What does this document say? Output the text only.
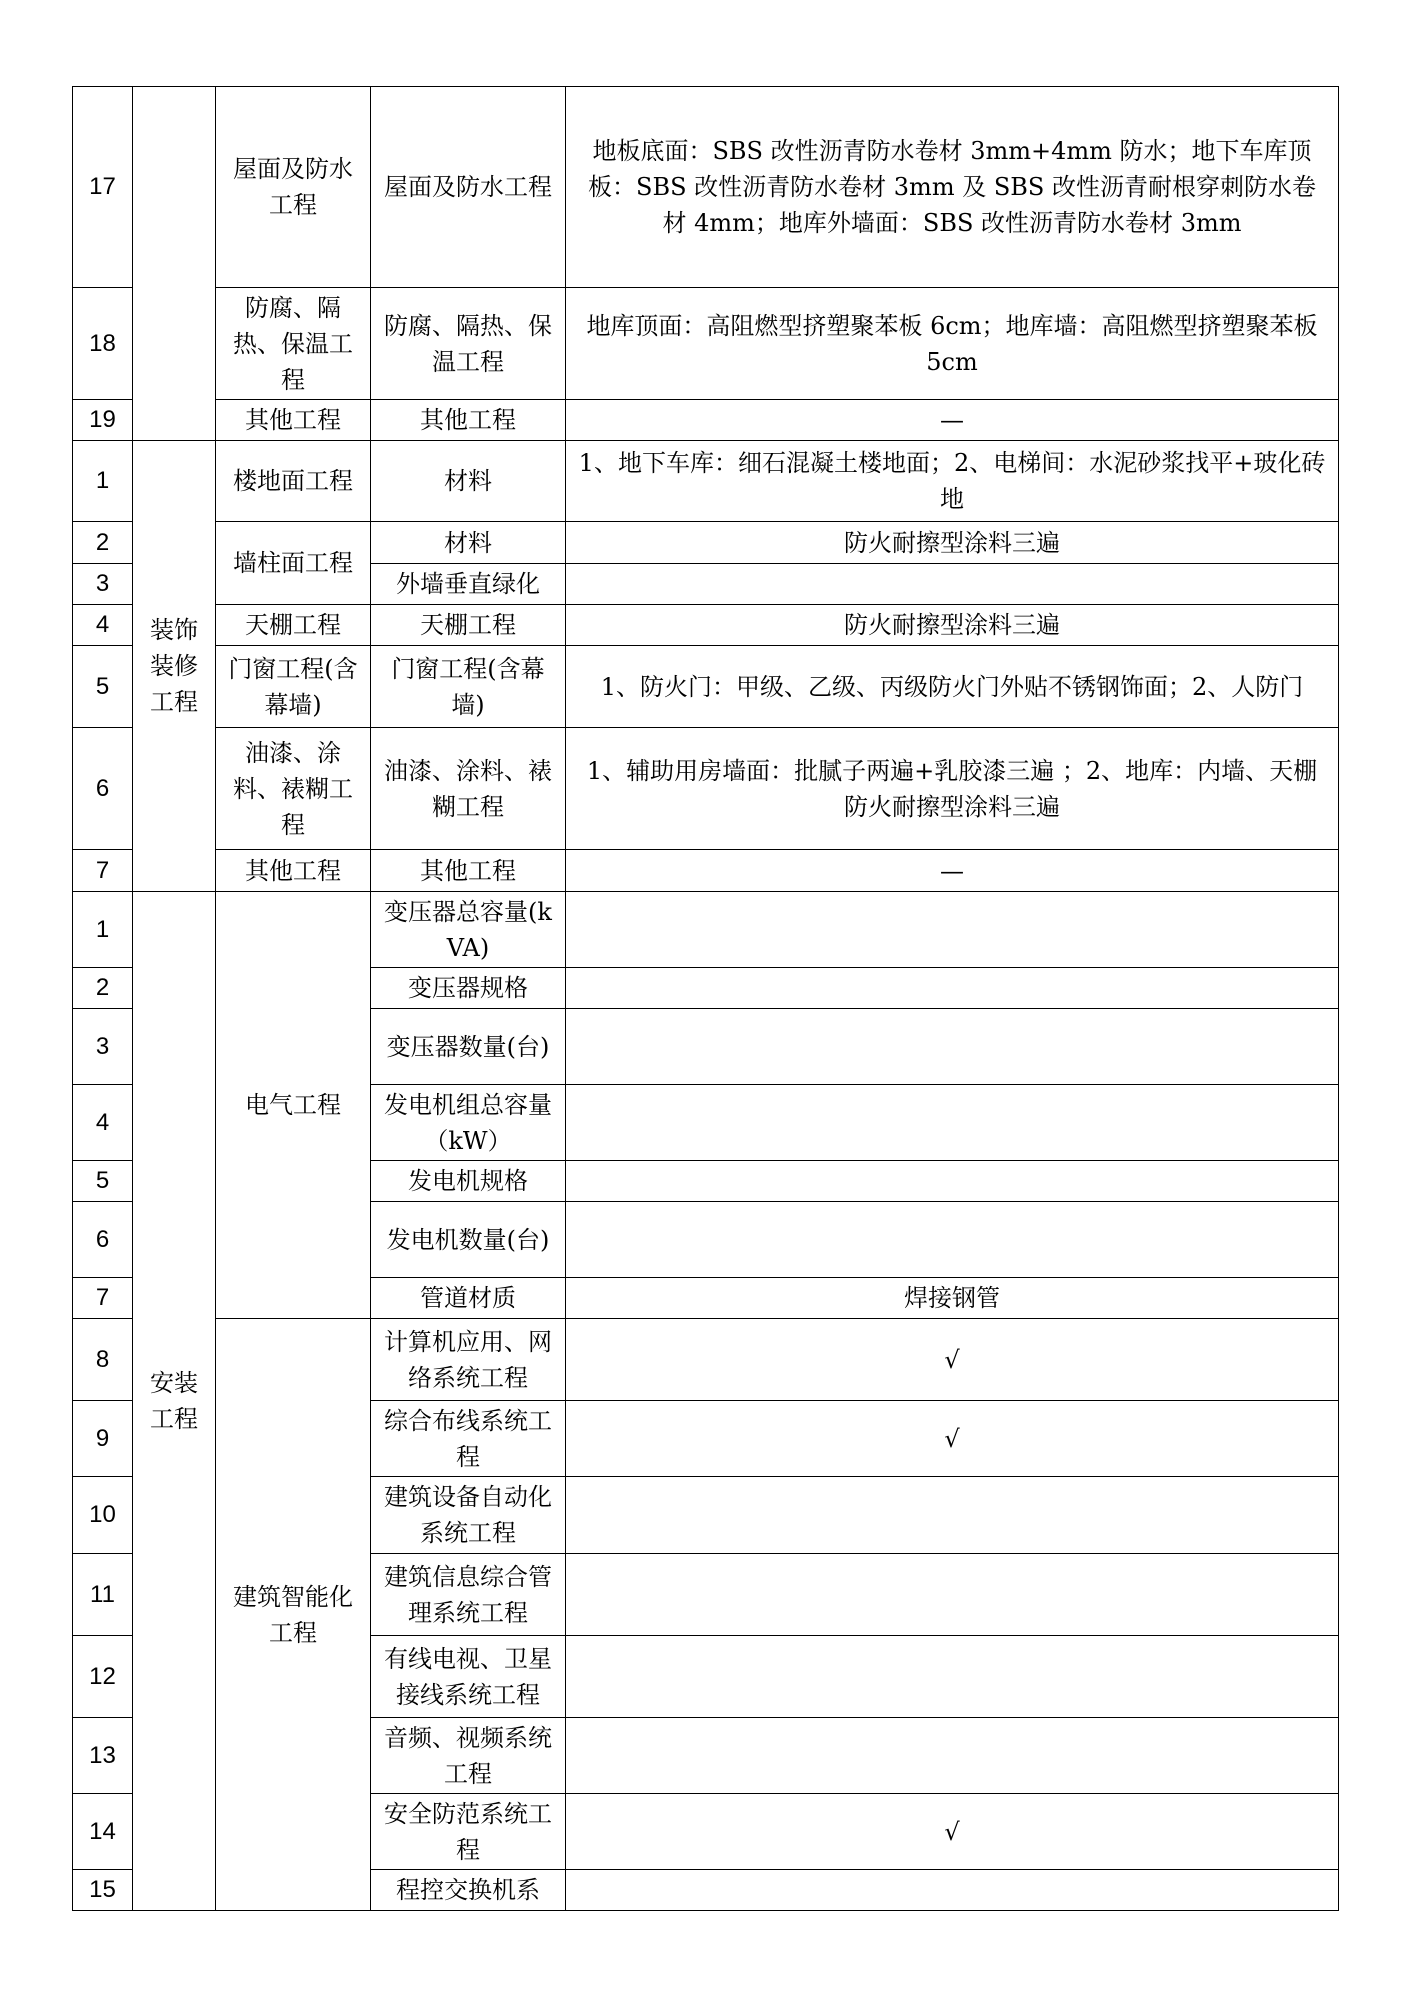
17		屋面及防水工程	屋面及防水工程	地板底面：SBS 改性沥青防水卷材 3mm+4mm 防水；地下车库顶板：SBS 改性沥青防水卷材 3mm 及 SBS 改性沥青耐根穿刺防水卷材 4mm；地库外墙面：SBS 改性沥青防水卷材 3mm
18		防腐、隔热、保温工程	防腐、隔热、保温工程	地库顶面：高阻燃型挤塑聚苯板 6cm；地库墙：高阻燃型挤塑聚苯板 5cm
19		其他工程	其他工程	—
1	装饰装修工程	楼地面工程	材料	1、地下车库：细石混凝土楼地面；2、电梯间：水泥砂浆找平+玻化砖地
2		墙柱面工程	材料	防火耐擦型涂料三遍
3			外墙垂直绿化	
4		天棚工程	天棚工程	防火耐擦型涂料三遍
5		门窗工程(含幕墙)	门窗工程(含幕墙)	1、防火门：甲级、乙级、丙级防火门外贴不锈钢饰面；2、人防门
6		油漆、涂料、裱糊工程	油漆、涂料、裱糊工程	1、辅助用房墙面：批腻子两遍+乳胶漆三遍 ；2、地库：内墙、天棚防火耐擦型涂料三遍
7		其他工程	其他工程	—
1	安装工程	电气工程	变压器总容量(kVA)	
2			变压器规格	
3			变压器数量(台)	
4			发电机组总容量（kW）	
5			发电机规格	
6			发电机数量(台)	
7			管道材质	焊接钢管
8		建筑智能化工程	计算机应用、网络系统工程	√
9			综合布线系统工程	√
10			建筑设备自动化系统工程	
11			建筑信息综合管理系统工程	
12			有线电视、卫星接线系统工程	
13			音频、视频系统工程	
14			安全防范系统工程	√
15			程控交换机系	
